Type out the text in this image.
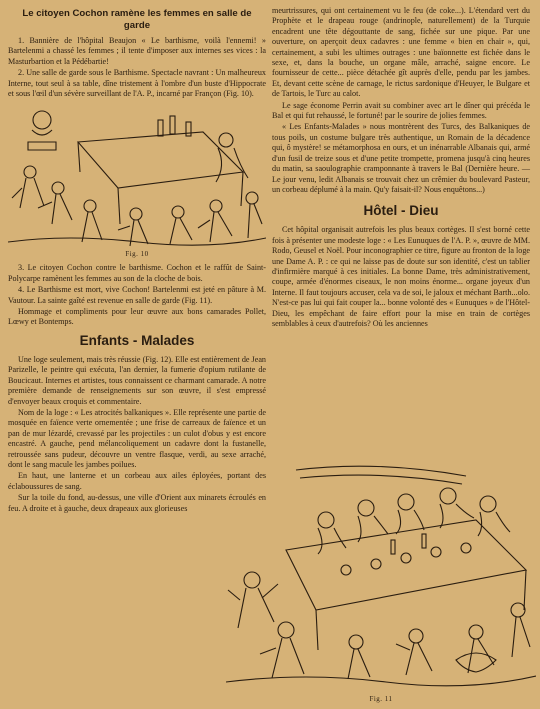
Le citoyen Cochon ramène les femmes en salle de garde

1. Bannière de l'hôpital Beaujon « Le barthisme, voilà l'ennemi! » Bartelenmi a chassé les femmes ; il tente d'imposer aux internes ses vices : la Masturbartion et la Pédébartie!

2. Une salle de garde sous le Barthisme. Spectacle navrant : Un malheureux Interne, tout seul à sa table, dîne tristement à l'ombre d'un buste d'Hippocrate et sous l'œil d'un sévère surveillant de l'A. P., incarné par Françon (Fig. 10).

Fig. 10

3. Le citoyen Cochon contre le barthisme. Cochon et le raffût de Saint-Polycarpe ramènent les femmes au son de la cloche de bois.

4. Le Barthisme est mort, vive Cochon! Bartelenmi est jeté en pâture à M. Vautour. La sainte gaîté est revenue en salle de garde (Fig. 11).

Hommage et compliments pour leur œuvre aux bons camarades Pollet, Lœwy et Bontemps.

Enfants - Malades

Une loge seulement, mais très réussie (Fig. 12). Elle est entièrement de Jean Parizelle, le peintre qui exécuta, l'an dernier, la fumerie d'opium rutilante de Boucicaut. Internes et artistes, tous connaissent ce charmant camarade. A notre première demande de renseignements sur son œuvre, il s'est empressé d'envoyer beaux croquis et commentaire.

Nom de la loge : « Les atrocités balkaniques ». Elle représente une partie de mosquée en faïence verte ornementée ; une frise de carreaux de faïence et un pan de mur lézardé, crevassé par les projectiles : un culot d'obus y est encore encastré. A gauche, pend mélancoliquement un cadavre dont la fustanelle, retroussée sans pudeur, découvre un ventre flasque, verdi, au sexe arraché, dont le sang macule les jambes poilues.

En haut, une lanterne et un corbeau aux ailes éployées, portant des éclaboussures de sang.

Sur la toile du fond, au-dessus, une ville d'Orient aux minarets écroulés en feu. A droite et à gauche, deux drapeaux aux glorieuses

meurtrissures, qui ont certainement vu le feu (de coke...). L'étendard vert du Prophète et le drapeau rouge (andrinople, naturellement) de la Turquie encadrent une tête dégouttante de sang, fichée sur une pique. Par une ouverture, on aperçoit deux cadavres : une femme « bien en chair », qui, certainement, a subi les ultimes outrages : une baïonnette est fichée dans le sexe, et, dans la bouche, un organe mâle, arraché, saigne encore. Le fournisseur de cette... pièce détachée gît auprès d'elle, pendu par les jambes. Et, devant cette scène de carnage, le rictus sardonique d'Heuyer, le Bulgare et de Tartois, le Turc au calot.

Le sage économe Perrin avait su combiner avec art le dîner qui précéda le Bal et qui fut rehaussé, le fortuné! par le sourire de jolies femmes.

« Les Enfants-Malades » nous montrèrent des Turcs, des Balkaniques de tous poils, un costume bulgare très authentique, un Romain de la décadence qui, ô mystère! se métamorphosa en ours, et un inénarrable Albanais qui, armé d'un fusil de treize sous et d'une petite trompette, promena jusqu'à cinq heures du matin, sa saoulographie cramponnante à travers le Bal (Dernière heure. — Le jour venu, ledit Albanais se trouvait chez un crêmier du boulevard Pasteur, un corbeau déplumé à la main. Qu'y faisait-il? Nous enquêtons...)

Hôtel - Dieu

Cet hôpital organisait autrefois les plus beaux cortèges. Il s'est borné cette fois à présenter une modeste loge : « Les Eunuques de l'A. P. », œuvre de MM. Rodo, Geusel et Noël. Pour inconographier ce titre, figure au fronton de la loge une Dame A. P. : ce qui ne laisse pas de doute sur son identité, c'est un tablier d'infirmière marqué à ces initiales. La bonne Dame, très administrativement, coupe, armée d'énormes ciseaux, le non moins énorme... organe joyeux d'un Interne. Il faut toujours accuser, cela va de soi, le jaloux et méchant Barth...olo. N'est-ce pas lui qui fait couper la... bonne volonté des « Eunuques » de l'Hôtel-Dieu, les empêchant de faire effort pour la mise en train de cortèges semblables à ceux d'autrefois? Où les anciennes

Fig. 11
